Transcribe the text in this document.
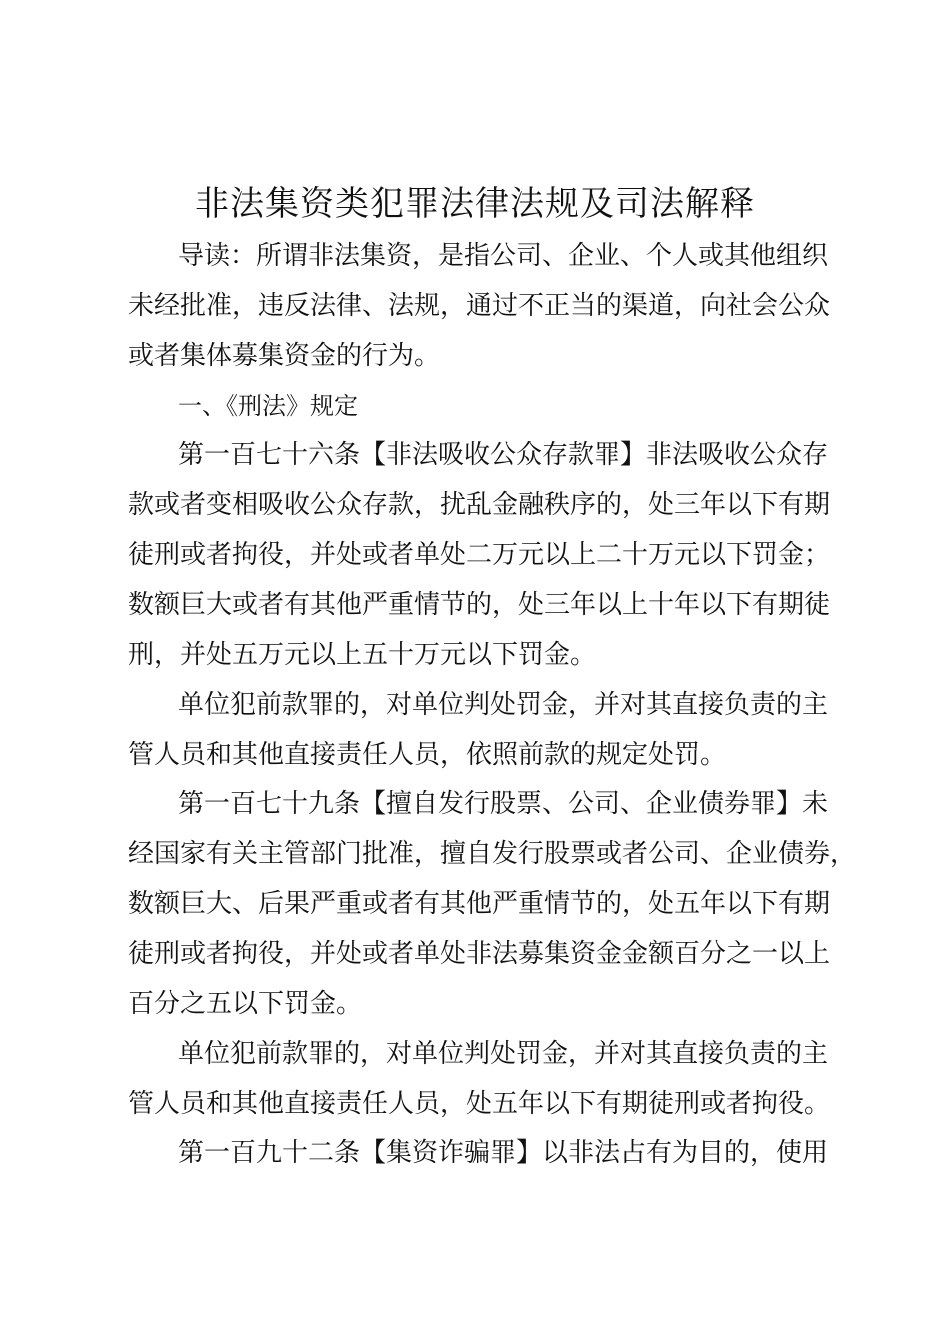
非法集资类犯罪法律法规及司法解释
导读：所谓非法集资，是指公司、企业、个人或其他组织
未经批准，违反法律、法规，通过不正当的渠道，向社会公众
或者集体募集资金的行为。
一、《刑法》规定
第一百七十六条【非法吸收公众存款罪】非法吸收公众存
款或者变相吸收公众存款，扰乱金融秩序的，处三年以下有期
徒刑或者拘役，并处或者单处二万元以上二十万元以下罚金；
数额巨大或者有其他严重情节的，处三年以上十年以下有期徒
刑，并处五万元以上五十万元以下罚金。
单位犯前款罪的，对单位判处罚金，并对其直接负责的主
管人员和其他直接责任人员，依照前款的规定处罚。
第一百七十九条【擅自发行股票、公司、企业债券罪】未
经国家有关主管部门批准，擅自发行股票或者公司、企业债券，
数额巨大、后果严重或者有其他严重情节的，处五年以下有期
徒刑或者拘役，并处或者单处非法募集资金金额百分之一以上
百分之五以下罚金。
单位犯前款罪的，对单位判处罚金，并对其直接负责的主
管人员和其他直接责任人员，处五年以下有期徒刑或者拘役。
第一百九十二条【集资诈骗罪】以非法占有为目的，使用
